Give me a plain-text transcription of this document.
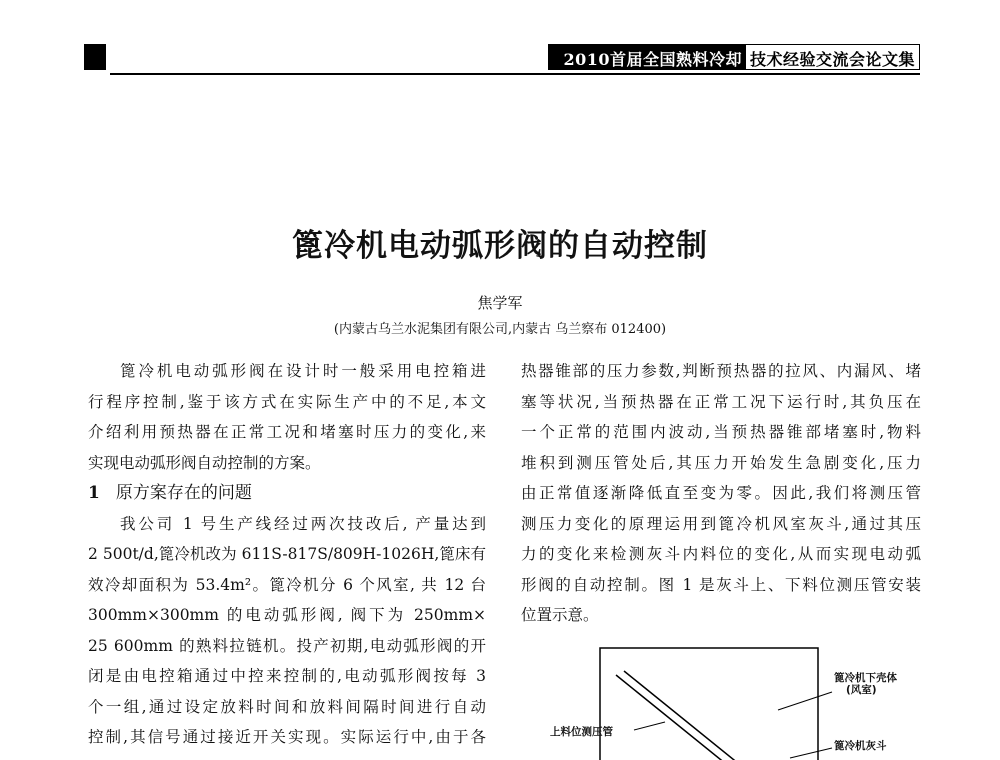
2010首届全国熟料冷却 技术经验交流会论文集
篦冷机电动弧形阀的自动控制
焦学军
(内蒙古乌兰水泥集团有限公司,内蒙古 乌兰察布 012400)
篦冷机电动弧形阀在设计时一般采用电控箱进
行程序控制,鉴于该方式在实际生产中的不足,本文
介绍利用预热器在正常工况和堵塞时压力的变化,来
实现电动弧形阀自动控制的方案。
1 原方案存在的问题
我公司 1 号生产线经过两次技改后, 产量达到
2 500t/d,篦冷机改为 611S-817S/809H-1026H,篦床有
效冷却面积为 53.4m²。篦冷机分 6 个风室, 共 12 台
300mm×300mm 的电动弧形阀, 阀下为 250mm×
25 600mm 的熟料拉链机。投产初期,电动弧形阀的开
闭是由电控箱通过中控来控制的,电动弧形阀按每 3
个一组,通过设定放料时间和放料间隔时间进行自动
控制,其信号通过接近开关实现。实际运行中,由于各
热器锥部的压力参数,判断预热器的拉风、内漏风、堵
塞等状况,当预热器在正常工况下运行时,其负压在
一个正常的范围内波动,当预热器锥部堵塞时,物料
堆积到测压管处后,其压力开始发生急剧变化,压力
由正常值逐渐降低直至变为零。因此,我们将测压管
测压力变化的原理运用到篦冷机风室灰斗,通过其压
力的变化来检测灰斗内料位的变化,从而实现电动弧
形阀的自动控制。图 1 是灰斗上、下料位测压管安装
位置示意。
篦冷机下壳体
(风室)
上料位测压管
篦冷机灰斗
